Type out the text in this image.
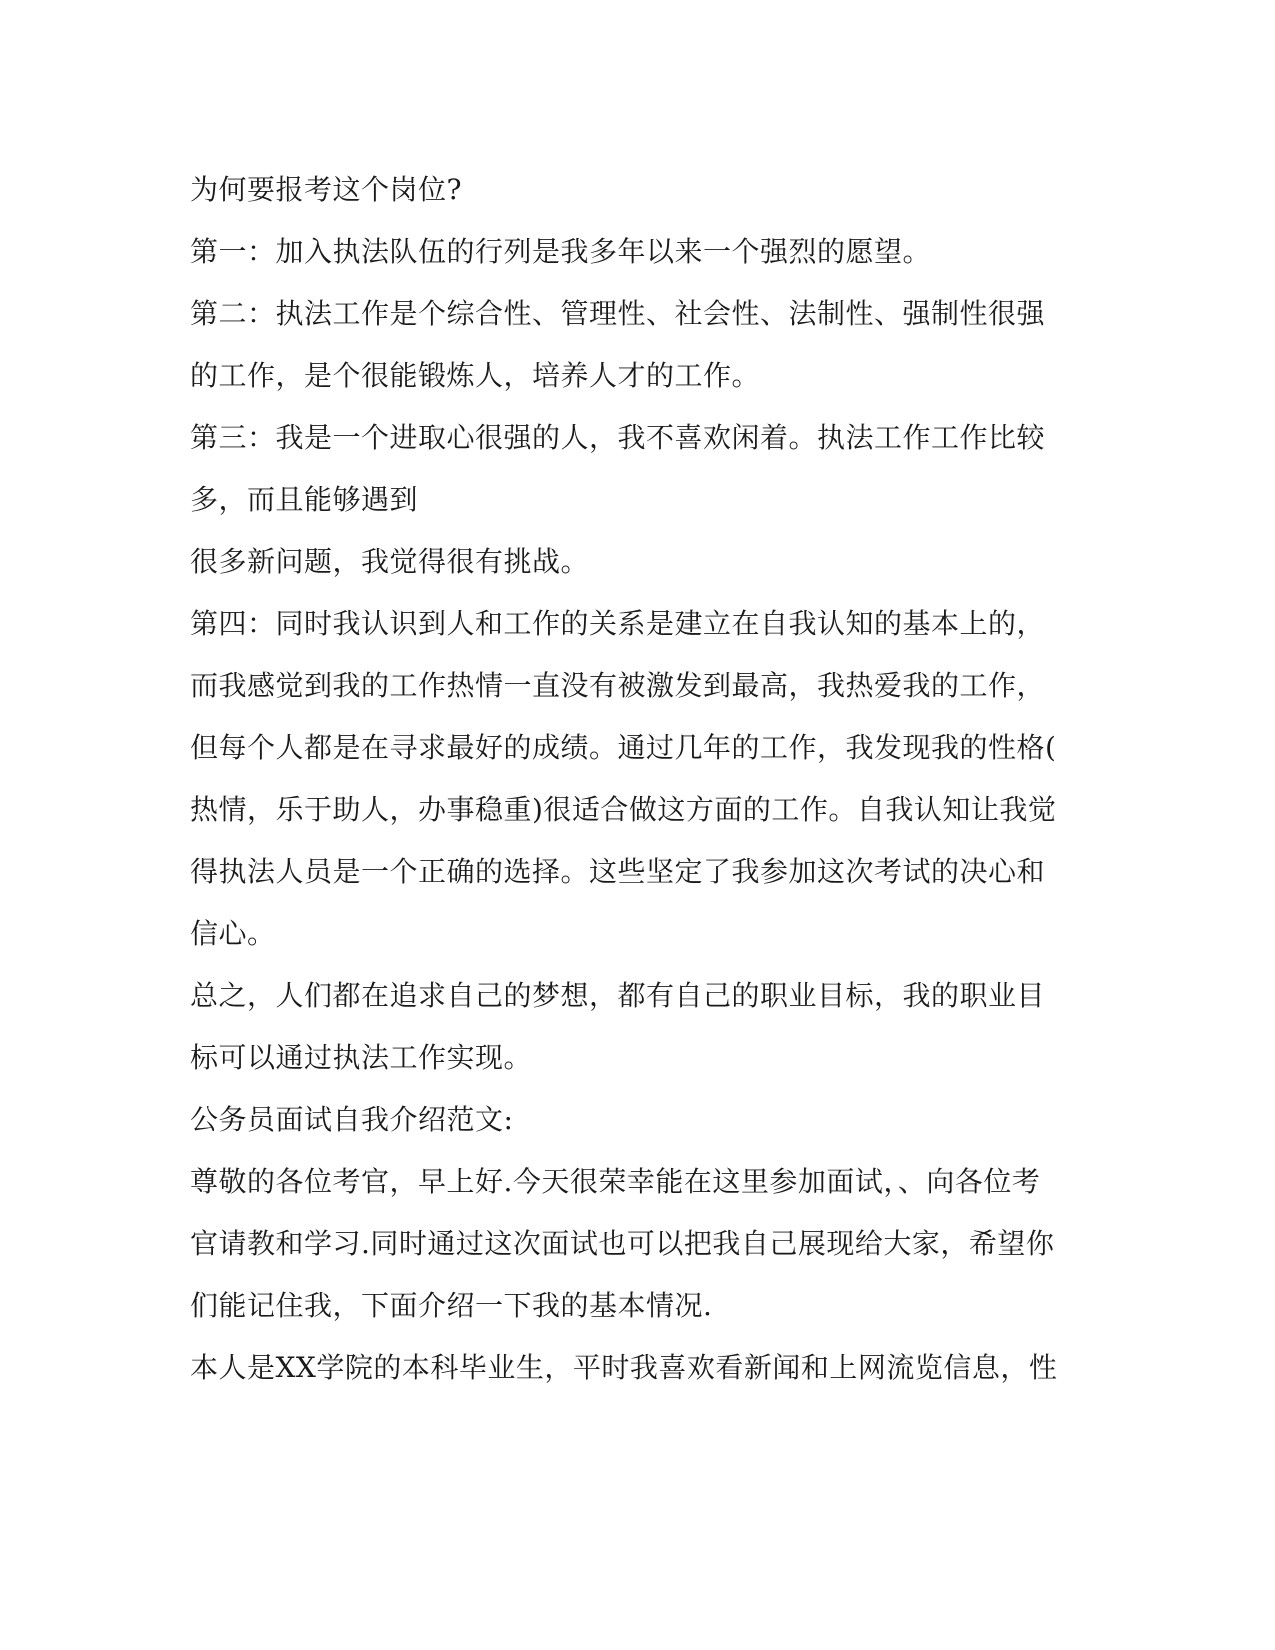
为何要报考这个岗位?
第一：加入执法队伍的行列是我多年以来一个强烈的愿望。
第二：执法工作是个综合性、管理性、社会性、法制性、强制性很强
的工作，是个很能锻炼人，培养人才的工作。
第三：我是一个进取心很强的人，我不喜欢闲着。执法工作工作比较
多，而且能够遇到
很多新问题，我觉得很有挑战。
第四：同时我认识到人和工作的关系是建立在自我认知的基本上的，
而我感觉到我的工作热情一直没有被激发到最高，我热爱我的工作，
但每个人都是在寻求最好的成绩。通过几年的工作，我发现我的性格(
热情，乐于助人，办事稳重)很适合做这方面的工作。自我认知让我觉
得执法人员是一个正确的选择。这些坚定了我参加这次考试的决心和
信心。
总之，人们都在追求自己的梦想，都有自己的职业目标，我的职业目
标可以通过执法工作实现。
公务员面试自我介绍范文:
尊敬的各位考官，早上好.今天很荣幸能在这里参加面试，、向各位考
官请教和学习.同时通过这次面试也可以把我自己展现给大家，希望你
们能记住我，下面介绍一下我的基本情况.
本人是XX学院的本科毕业生，平时我喜欢看新闻和上网流览信息，性
